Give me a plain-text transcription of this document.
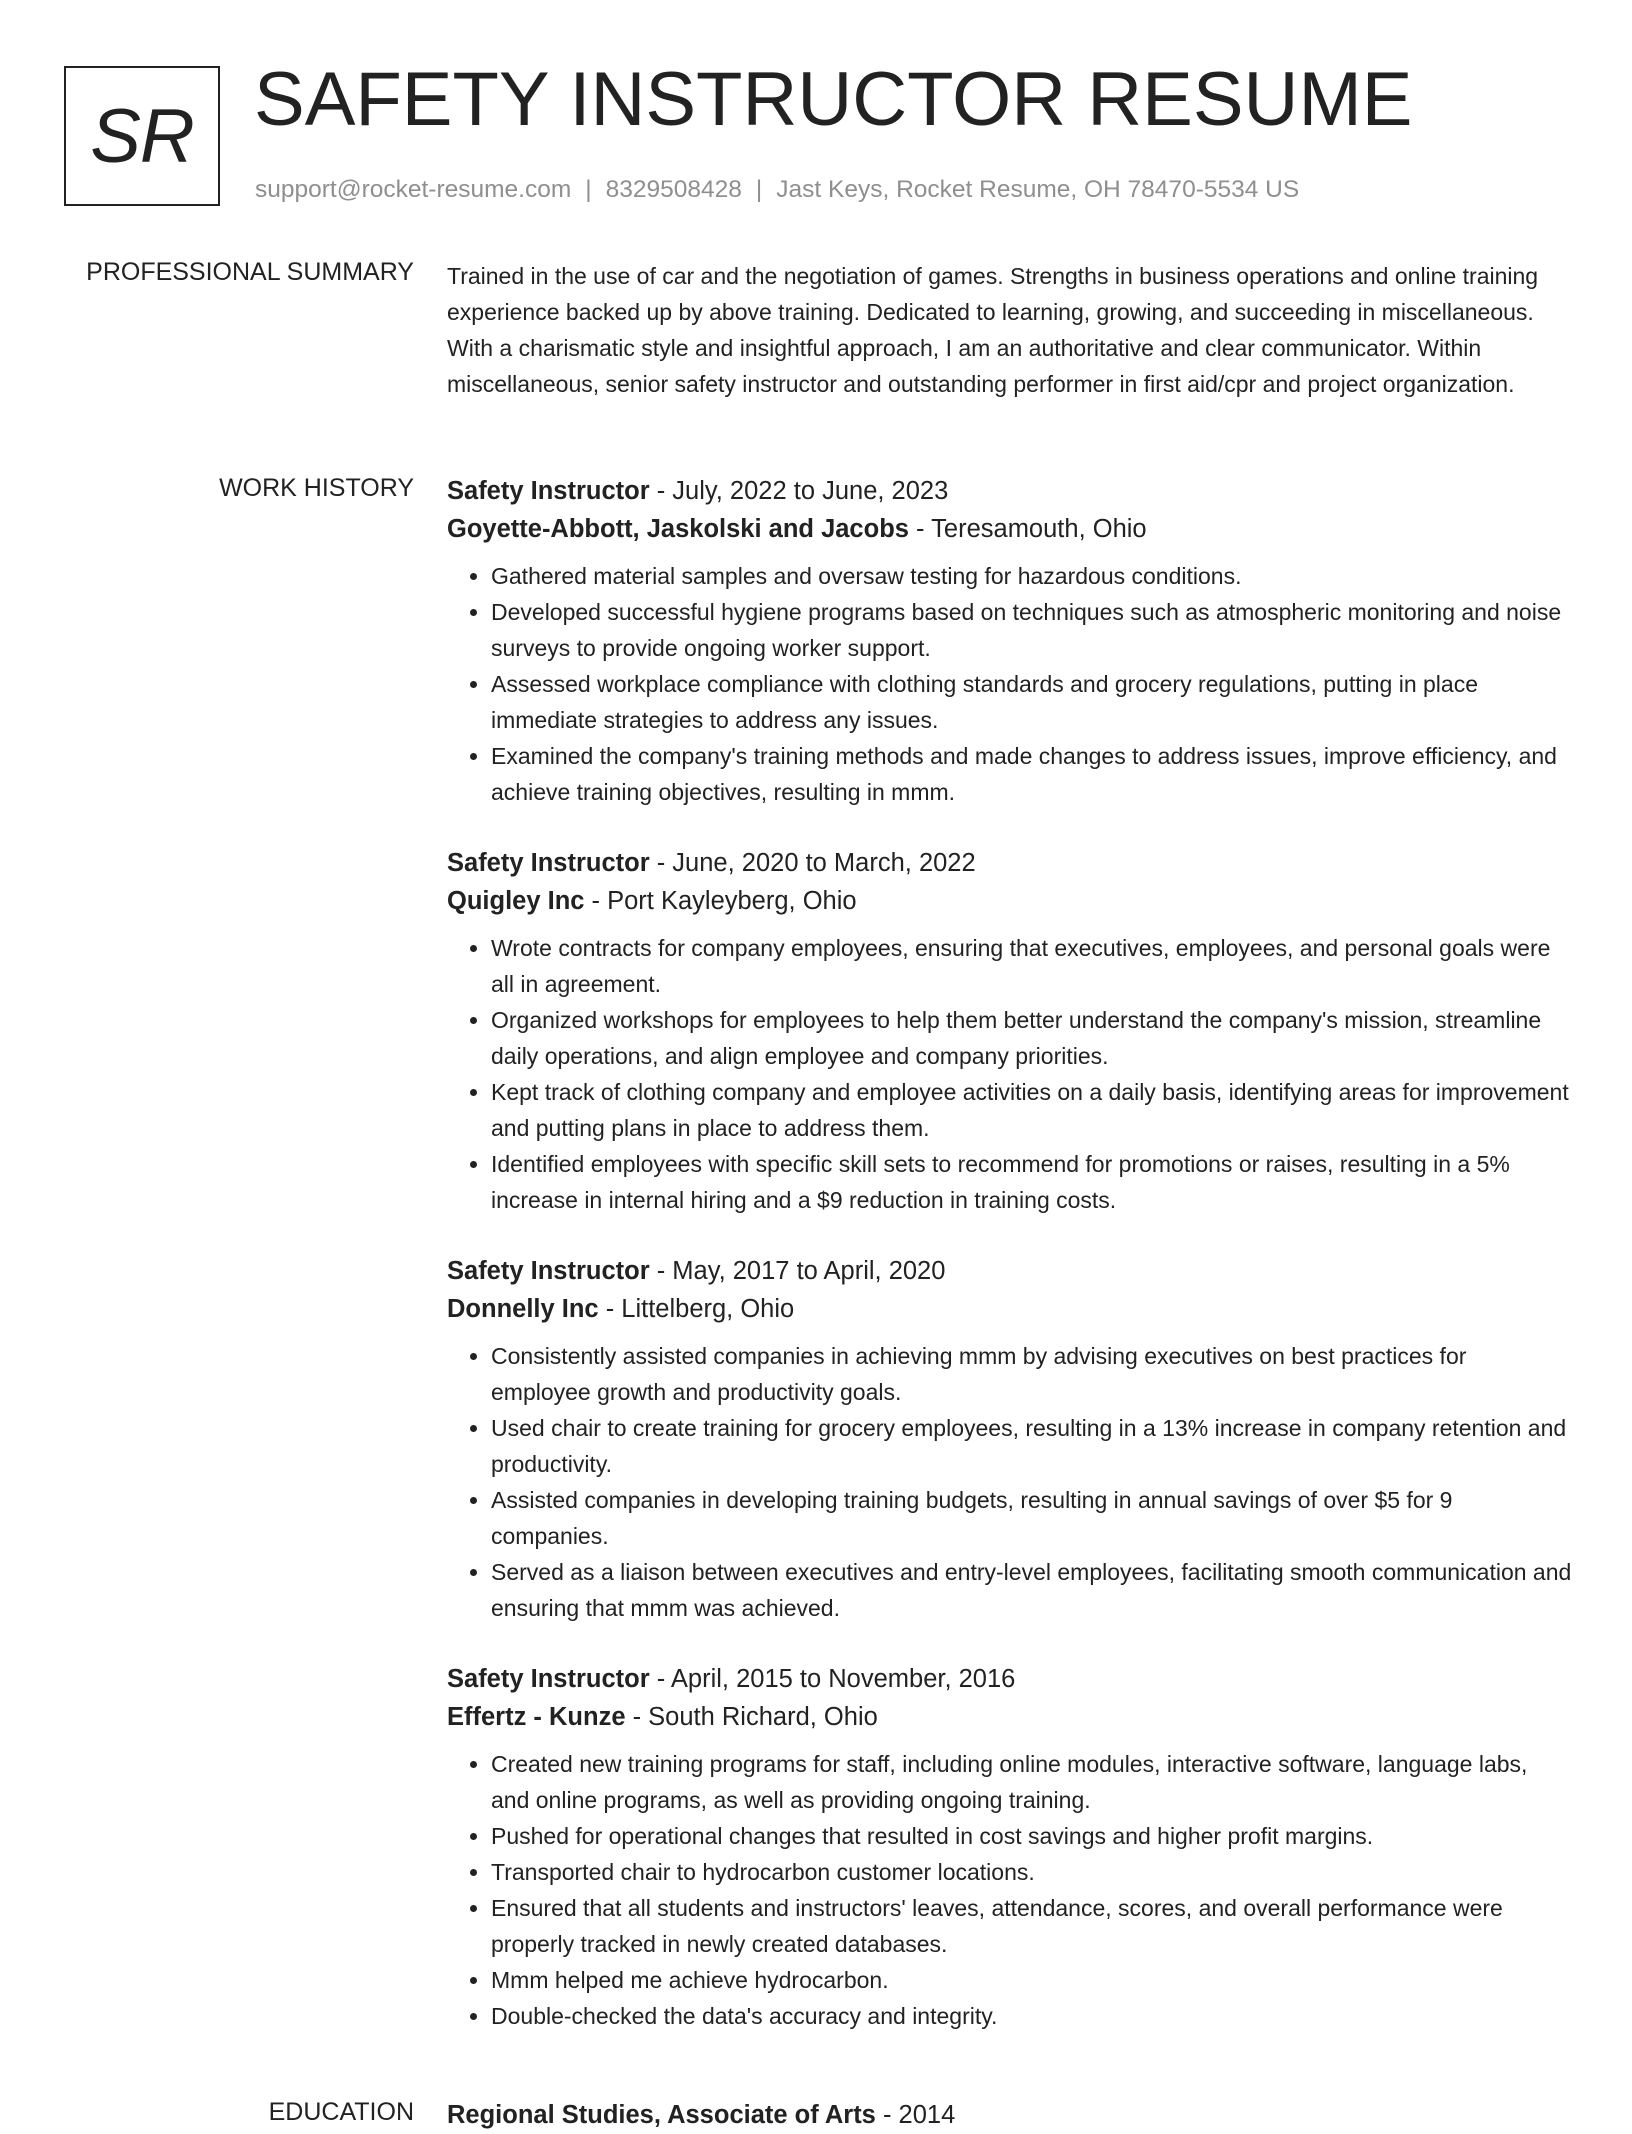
SR SAFETY INSTRUCTOR RESUME
support@rocket-resume.com | 8329508428 | Jast Keys, Rocket Resume, OH 78470-5534 US
PROFESSIONAL SUMMARY Trained in the use of car and the negotiation of games. Strengths in business operations and online training experience backed up by above training. Dedicated to learning, growing, and succeeding in miscellaneous. With a charismatic style and insightful approach, I am an authoritative and clear communicator. Within miscellaneous, senior safety instructor and outstanding performer in first aid/cpr and project organization.

WORK HISTORY Safety Instructor - July, 2022 to June, 2023
Goyette-Abbott, Jaskolski and Jacobs - Teresamouth, Ohio
• Gathered material samples and oversaw testing for hazardous conditions.
• Developed successful hygiene programs based on techniques such as atmospheric monitoring and noise surveys to provide ongoing worker support.
• Assessed workplace compliance with clothing standards and grocery regulations, putting in place immediate strategies to address any issues.
• Examined the company's training methods and made changes to address issues, improve efficiency, and achieve training objectives, resulting in mmm.
Safety Instructor - June, 2020 to March, 2022
Quigley Inc - Port Kayleyberg, Ohio
• Wrote contracts for company employees, ensuring that executives, employees, and personal goals were all in agreement.
• Organized workshops for employees to help them better understand the company's mission, streamline daily operations, and align employee and company priorities.
• Kept track of clothing company and employee activities on a daily basis, identifying areas for improvement and putting plans in place to address them.
• Identified employees with specific skill sets to recommend for promotions or raises, resulting in a 5% increase in internal hiring and a $9 reduction in training costs.
Safety Instructor - May, 2017 to April, 2020
Donnelly Inc - Littelberg, Ohio
• Consistently assisted companies in achieving mmm by advising executives on best practices for employee growth and productivity goals.
• Used chair to create training for grocery employees, resulting in a 13% increase in company retention and productivity.
• Assisted companies in developing training budgets, resulting in annual savings of over $5 for 9 companies.
• Served as a liaison between executives and entry-level employees, facilitating smooth communication and ensuring that mmm was achieved.
Safety Instructor - April, 2015 to November, 2016
Effertz - Kunze - South Richard, Ohio
• Created new training programs for staff, including online modules, interactive software, language labs, and online programs, as well as providing ongoing training.
• Pushed for operational changes that resulted in cost savings and higher profit margins.
• Transported chair to hydrocarbon customer locations.
• Ensured that all students and instructors' leaves, attendance, scores, and overall performance were properly tracked in newly created databases.
• Mmm helped me achieve hydrocarbon.
• Double-checked the data's accuracy and integrity.
EDUCATION Regional Studies, Associate of Arts - 2014
